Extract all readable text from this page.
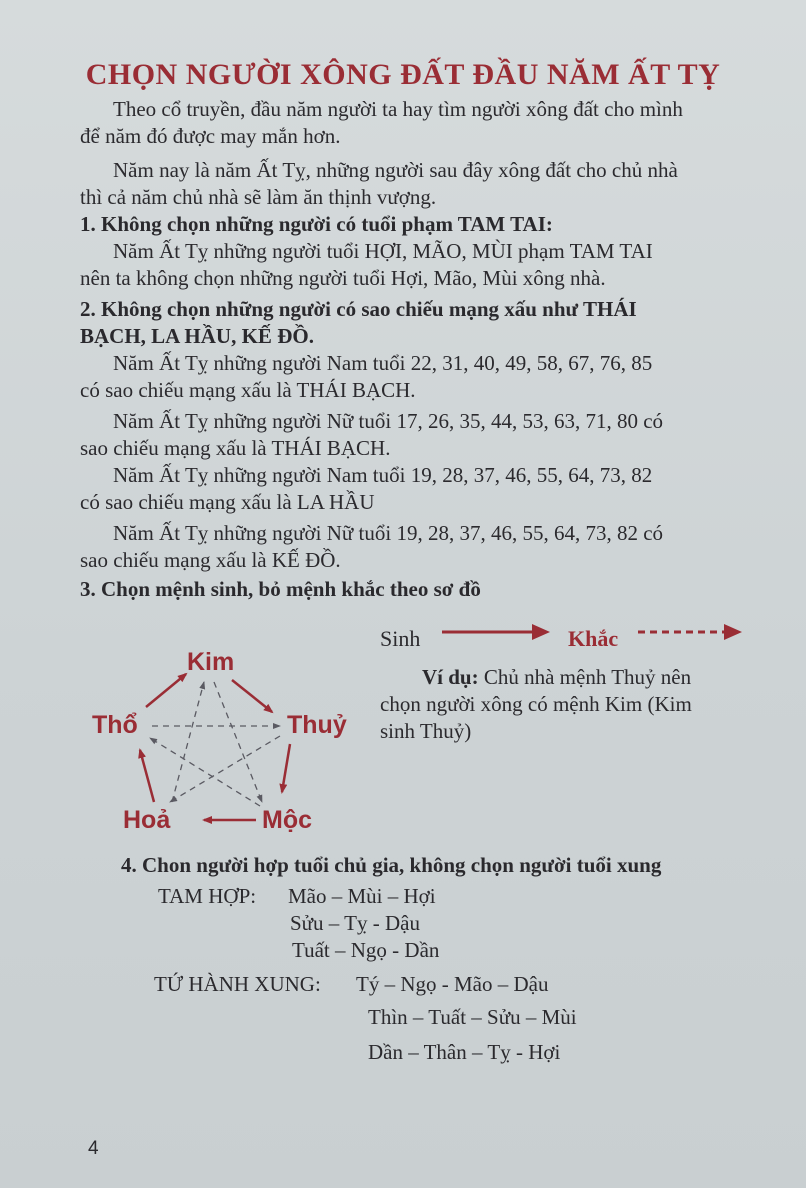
CHỌN NGƯỜI XÔNG ĐẤT ĐẦU NĂM ẤT TỴ
Theo cổ truyền, đầu năm người ta hay tìm người xông đất cho mình
để năm đó được may mắn hơn.
Năm nay là năm Ất Tỵ, những người sau đây xông đất cho chủ nhà
thì cả năm chủ nhà sẽ làm ăn thịnh vượng.
1. Không chọn những người có tuổi phạm TAM TAI:
Năm Ất Tỵ những người tuổi HỢI, MÃO, MÙI phạm TAM TAI
nên ta không chọn những người tuổi Hợi, Mão, Mùi xông nhà.
2. Không chọn những người có sao chiếu mạng xấu như THÁI
BẠCH, LA HẦU, KẾ ĐỒ.
Năm Ất Tỵ những người Nam tuổi 22, 31, 40, 49, 58, 67, 76, 85
có sao chiếu mạng xấu là THÁI BẠCH.
Năm Ất Tỵ những người Nữ tuổi 17, 26, 35, 44, 53, 63, 71, 80 có
sao chiếu mạng xấu là THÁI BẠCH.
Năm Ất Tỵ những người Nam tuổi 19, 28, 37, 46, 55, 64, 73, 82
có sao chiếu mạng xấu là LA HẦU
Năm Ất Tỵ những người Nữ tuổi 19, 28, 37, 46, 55, 64, 73, 82 có
sao chiếu mạng xấu là KẾ ĐỒ.
3. Chọn mệnh sinh, bỏ mệnh khắc theo sơ đồ
Sinh	Khắc
Ví dụ: Chủ nhà mệnh Thuỷ nên
chọn người xông có mệnh Kim (Kim
sinh Thuỷ)
Kim
Thổ	Thuỷ
Hoả	Mộc
4. Chon người hợp tuổi chủ gia, không chọn người tuổi xung
TAM HỢP: Mão – Mùi – Hợi
Sửu – Tỵ - Dậu
Tuất – Ngọ - Dần
TỨ HÀNH XUNG: Tý – Ngọ - Mão – Dậu
Thìn – Tuất – Sửu – Mùi
Dần – Thân – Tỵ - Hợi
4
